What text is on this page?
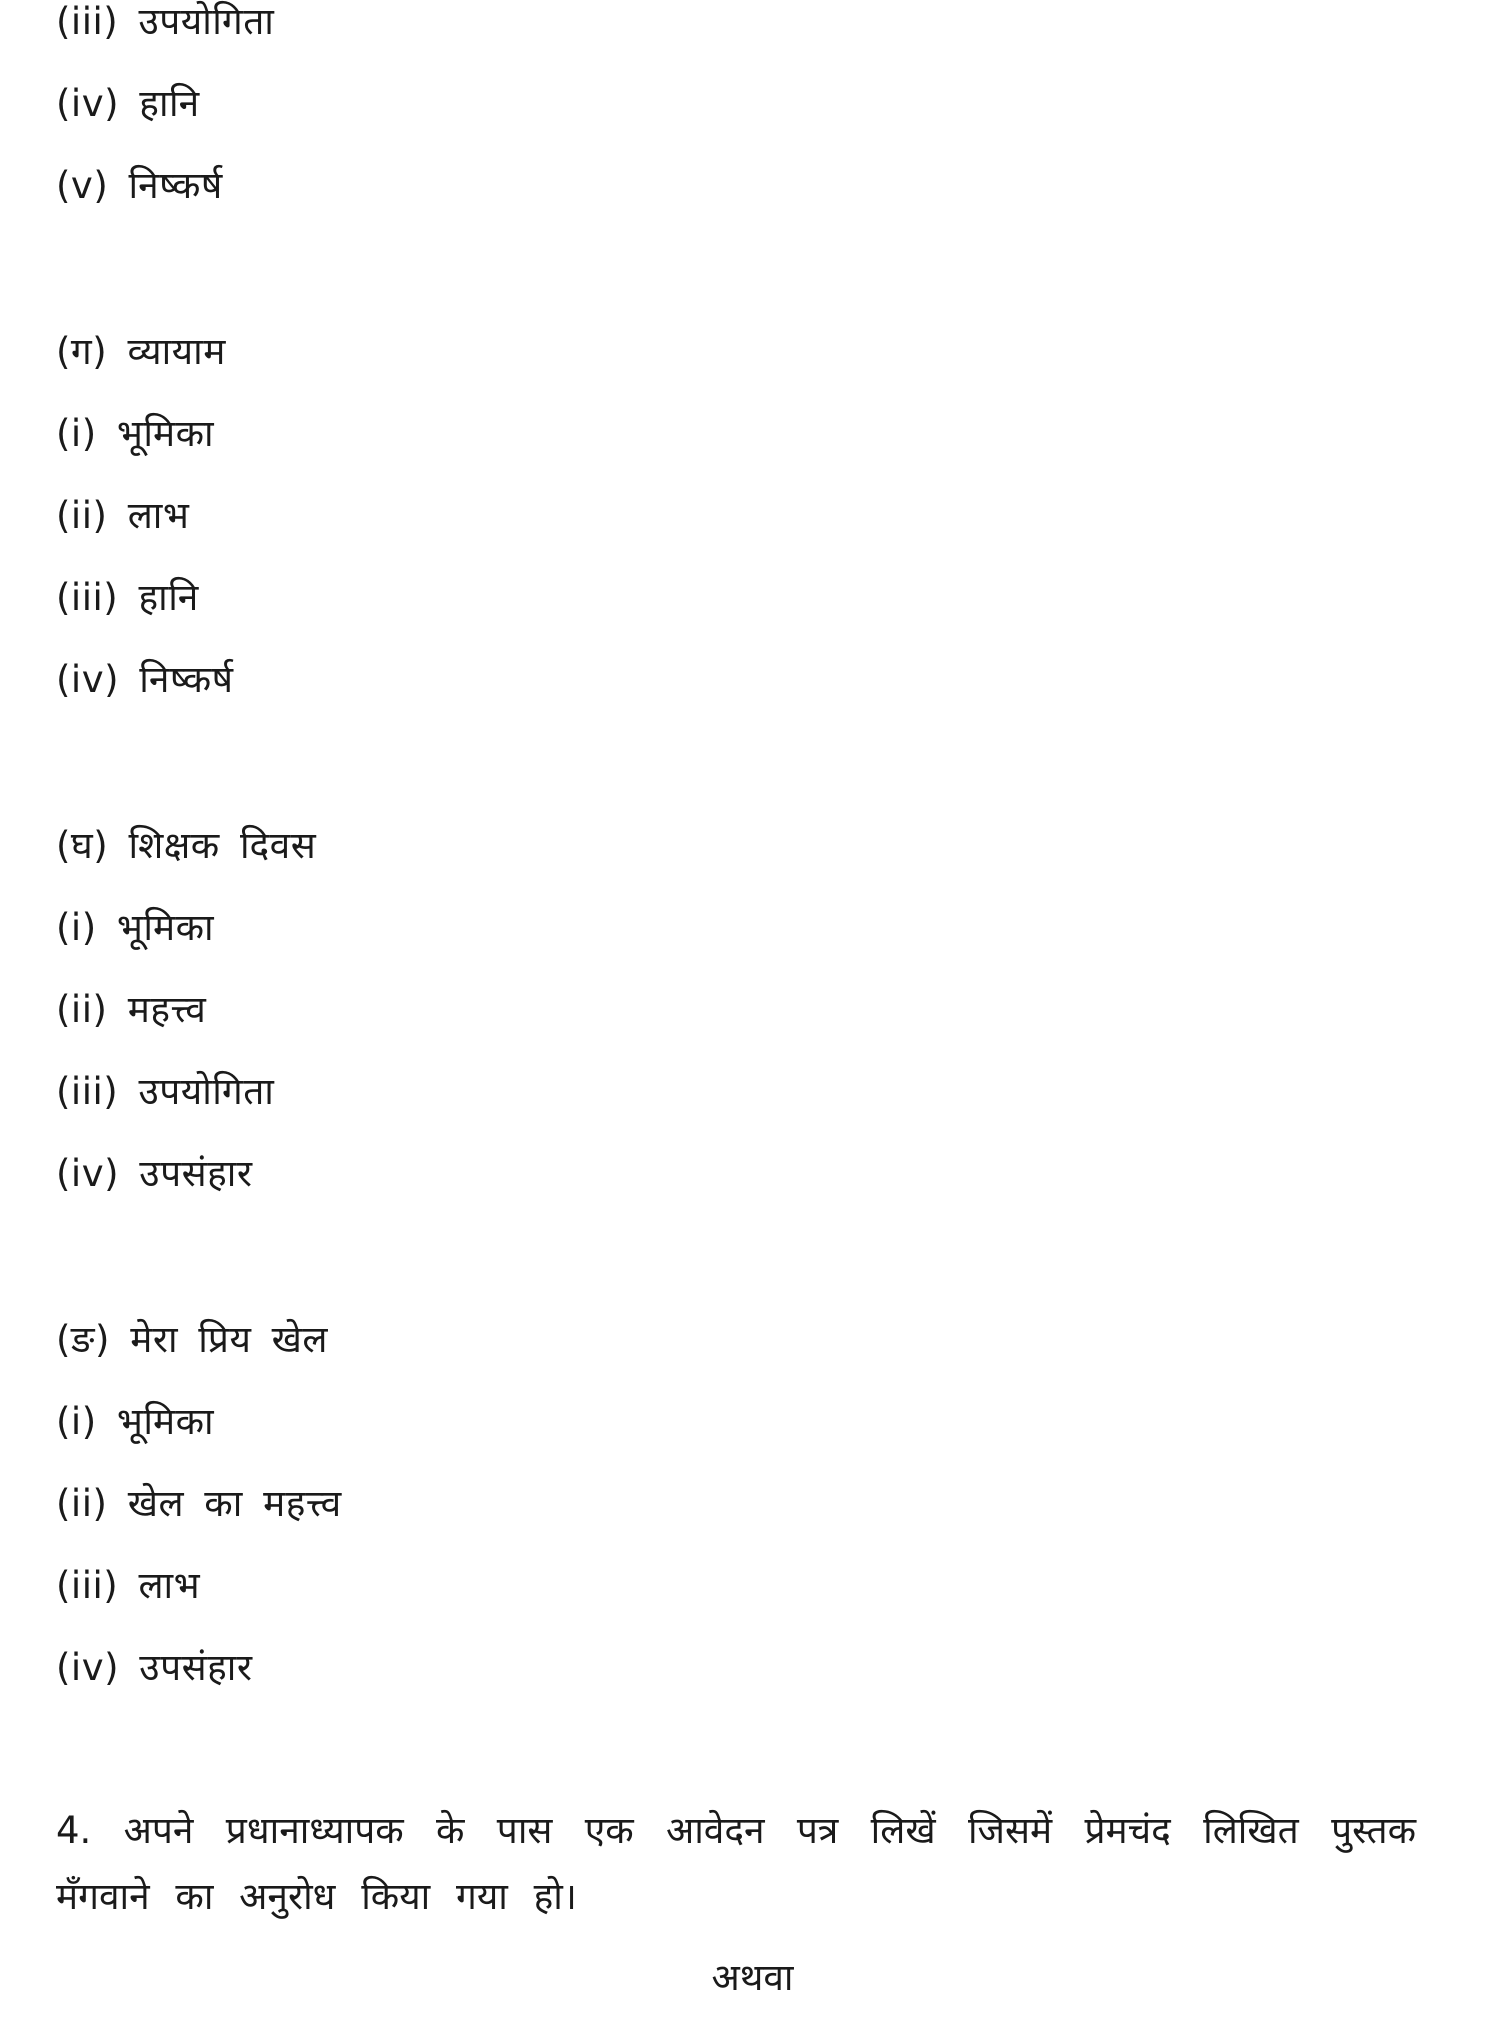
(iii) उपयोगिता
(iv) हानि
(v) निष्कर्ष
(ग) व्यायाम
(i) भूमिका
(ii) लाभ
(iii) हानि
(iv) निष्कर्ष
(घ) शिक्षक दिवस
(i) भूमिका
(ii) महत्त्व
(iii) उपयोगिता
(iv) उपसंहार
(ङ) मेरा प्रिय खेल
(i) भूमिका
(ii) खेल का महत्त्व
(iii) लाभ
(iv) उपसंहार
4. अपने प्रधानाध्यापक के पास एक आवेदन पत्र लिखें जिसमें प्रेमचंद लिखित पुस्तक मँगवाने का अनुरोध किया गया हो।
अथवा
